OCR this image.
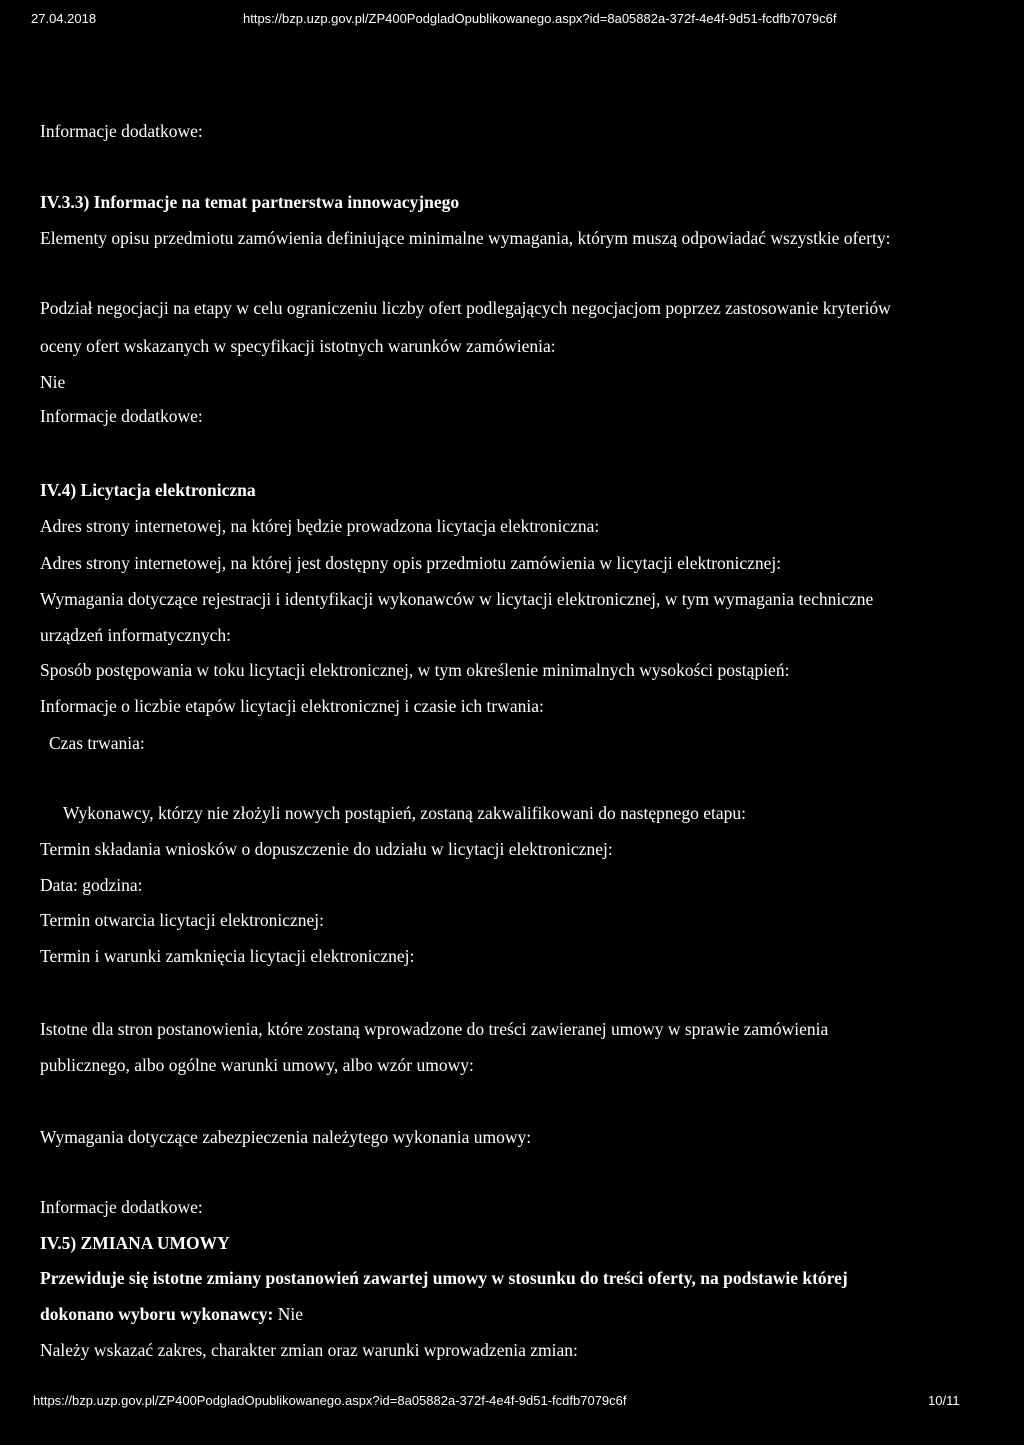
27.04.2018	https://bzp.uzp.gov.pl/ZP400PodgladOpublikowanego.aspx?id=8a05882a-372f-4e4f-9d51-fcdfb7079c6f
Informacje dodatkowe:
IV.3.3) Informacje na temat partnerstwa innowacyjnego
Elementy opisu przedmiotu zamówienia definiujące minimalne wymagania, którym muszą odpowiadać wszystkie oferty:
Podział negocjacji na etapy w celu ograniczeniu liczby ofert podlegających negocjacjom poprzez zastosowanie kryteriów
oceny ofert wskazanych w specyfikacji istotnych warunków zamówienia:
Nie
Informacje dodatkowe:
IV.4) Licytacja elektroniczna
Adres strony internetowej, na której będzie prowadzona licytacja elektroniczna:
Adres strony internetowej, na której jest dostępny opis przedmiotu zamówienia w licytacji elektronicznej:
Wymagania dotyczące rejestracji i identyfikacji wykonawców w licytacji elektronicznej, w tym wymagania techniczne
urządzeń informatycznych:
Sposób postępowania w toku licytacji elektronicznej, w tym określenie minimalnych wysokości postąpień:
Informacje o liczbie etapów licytacji elektronicznej i czasie ich trwania:
Czas trwania:
Wykonawcy, którzy nie złożyli nowych postąpień, zostaną zakwalifikowani do następnego etapu:
Termin składania wniosków o dopuszczenie do udziału w licytacji elektronicznej:
Data: godzina:
Termin otwarcia licytacji elektronicznej:
Termin i warunki zamknięcia licytacji elektronicznej:
Istotne dla stron postanowienia, które zostaną wprowadzone do treści zawieranej umowy w sprawie zamówienia
publicznego, albo ogólne warunki umowy, albo wzór umowy:
Wymagania dotyczące zabezpieczenia należytego wykonania umowy:
Informacje dodatkowe:
IV.5) ZMIANA UMOWY
Przewiduje się istotne zmiany postanowień zawartej umowy w stosunku do treści oferty, na podstawie której
dokonano wyboru wykonawcy: Nie
Należy wskazać zakres, charakter zmian oraz warunki wprowadzenia zmian:
https://bzp.uzp.gov.pl/ZP400PodgladOpublikowanego.aspx?id=8a05882a-372f-4e4f-9d51-fcdfb7079c6f	10/11
